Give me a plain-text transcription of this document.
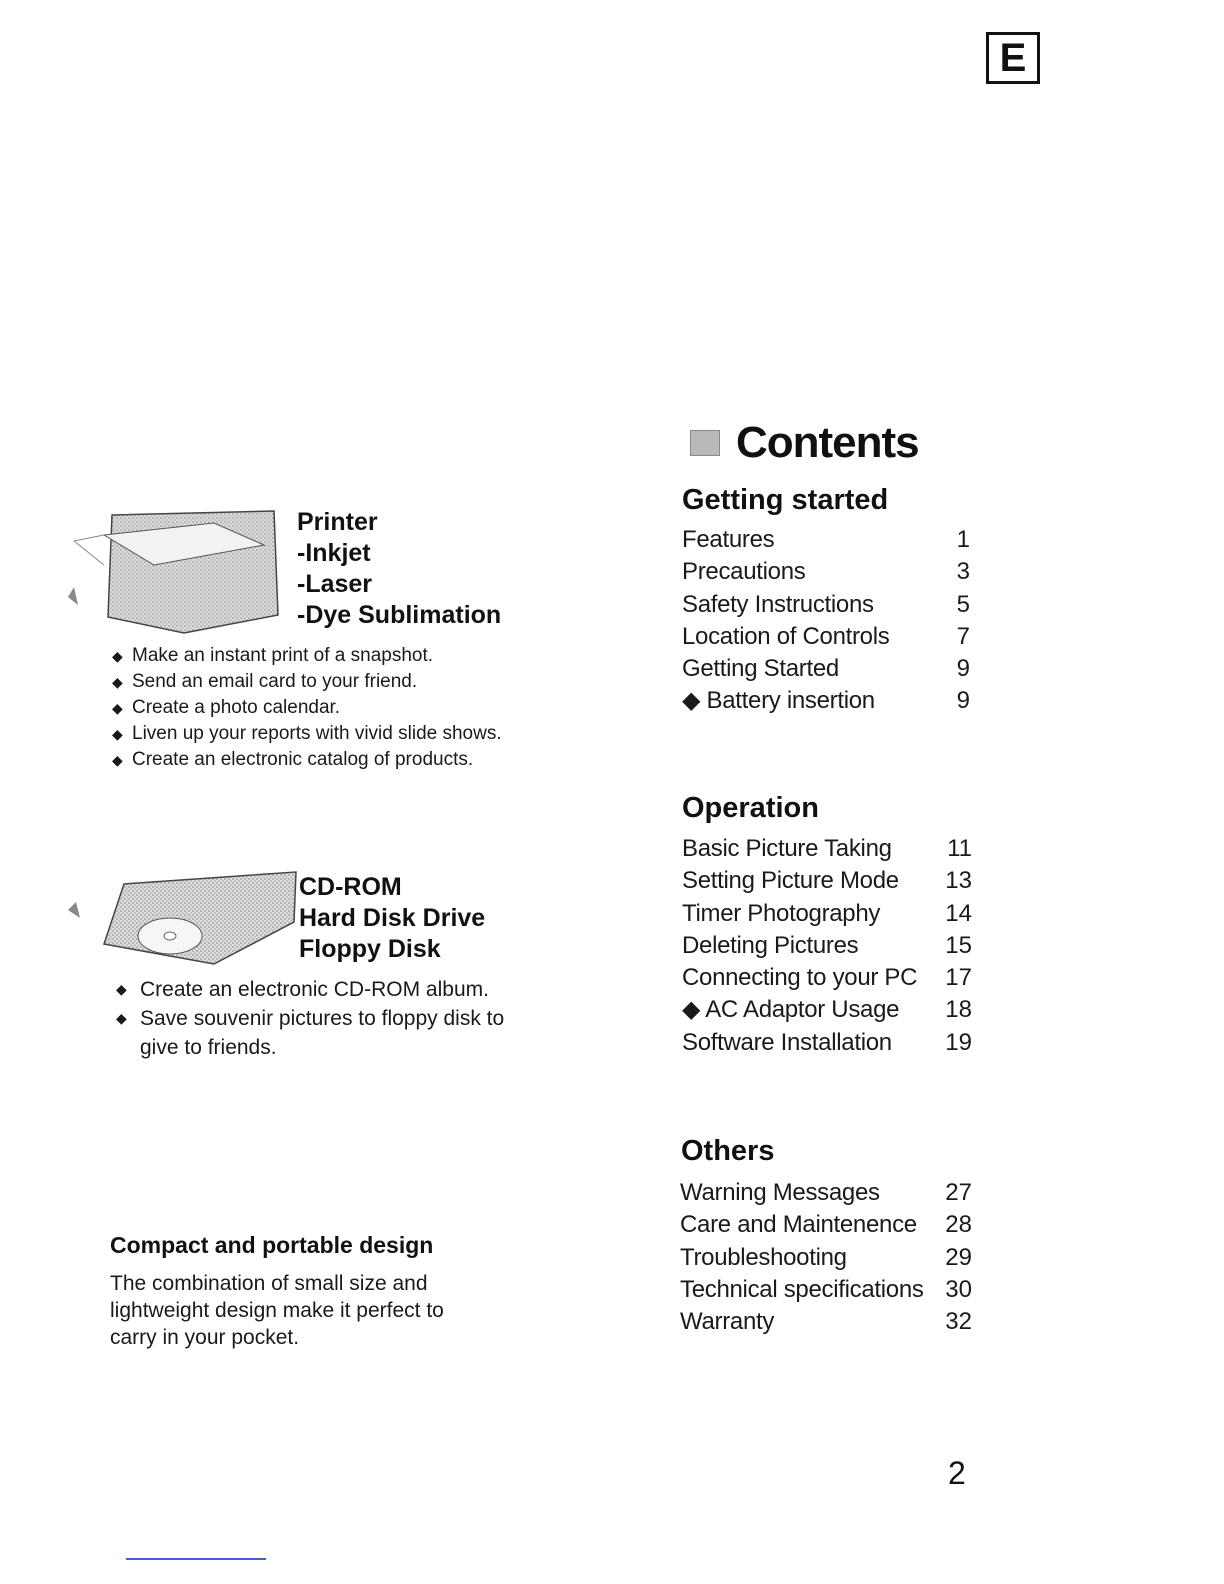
E
Printer
-Inkjet
-Laser
-Dye Sublimation
◆ Make an instant print of a snapshot.
◆ Send an email card to your friend.
◆ Create a photo calendar.
◆ Liven up your reports with vivid slide shows.
◆ Create an electronic catalog of products.
CD-ROM
Hard Disk Drive
Floppy Disk
◆ Create an electronic CD-ROM album.
◆ Save souvenir pictures to floppy disk to give to friends.
Compact and portable design
The combination of small size and lightweight design make it perfect to carry in your pocket.
Contents
Getting started
Features	1
Precautions	3
Safety Instructions	5
Location of Controls	7
Getting Started	9
◆ Battery insertion	9
Operation
Basic Picture Taking 11
Setting Picture Mode 13
Timer Photography	14
Deleting Pictures	15
Connecting to your PC 17
◆ AC Adaptor Usage 18
Software Installation 19
Others
Warning Messages	27
Care and Maintenence 28
Troubleshooting	29
Technical specifications 30
Warranty	32
2
